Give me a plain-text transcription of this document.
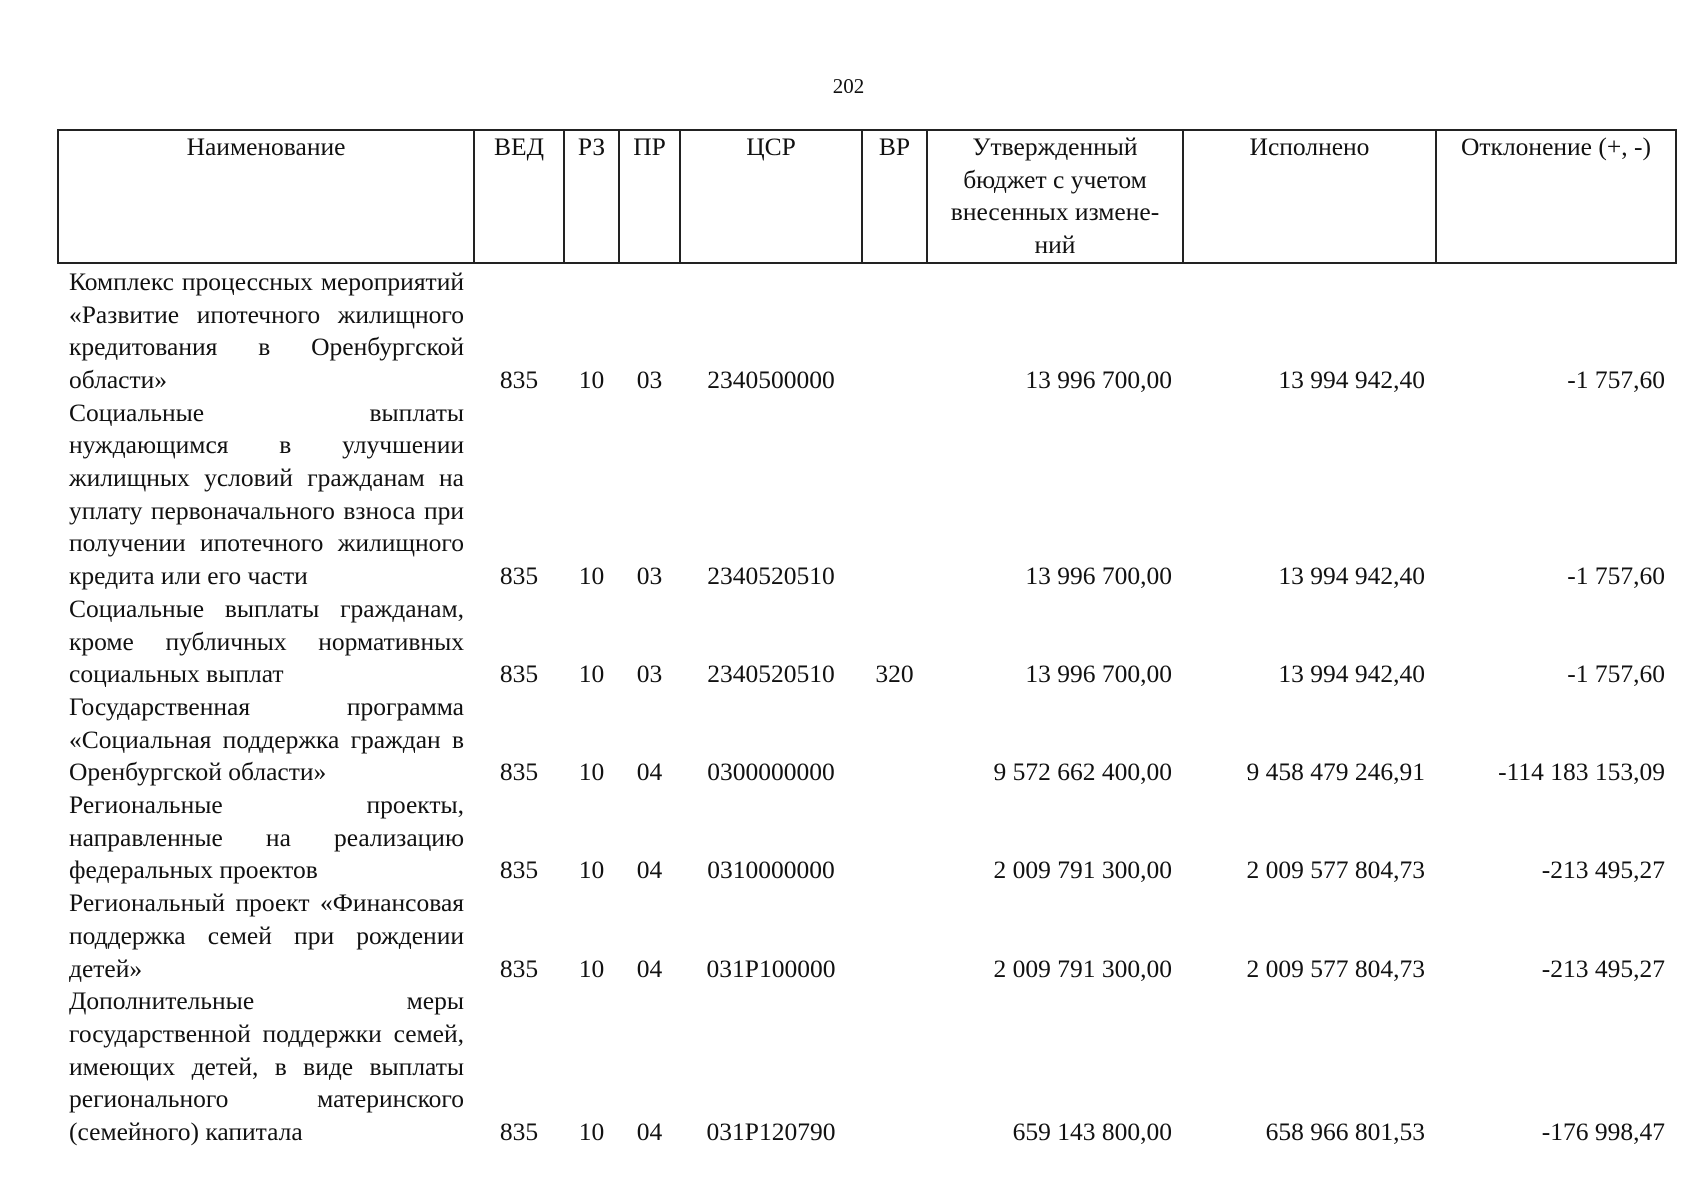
202
Наименование	ВЕД	РЗ	ПР	ЦСР	ВР	Утвержденный бюджет с учетом внесенных измене-ний	Исполнено	Отклонение (+, -)
Комплекс процессных мероприятий «Развитие ипотечного жилищного кредитования в Оренбургской области»	835	10	03	2340500000		13 996 700,00	13 994 942,40	-1 757,60
Социальные выплаты нуждающимся в улучшении жилищных условий гражданам на уплату первоначального взноса при получении ипотечного жилищного кредита или его части	835	10	03	2340520510		13 996 700,00	13 994 942,40	-1 757,60
Социальные выплаты гражданам, кроме публичных нормативных социальных выплат	835	10	03	2340520510	320	13 996 700,00	13 994 942,40	-1 757,60
Государственная программа «Социальная поддержка граждан в Оренбургской области»	835	10	04	0300000000		9 572 662 400,00	9 458 479 246,91	-114 183 153,09
Региональные проекты, направленные на реализацию федеральных проектов	835	10	04	0310000000		2 009 791 300,00	2 009 577 804,73	-213 495,27
Региональный проект «Финансовая поддержка семей при рождении детей»	835	10	04	031Р100000		2 009 791 300,00	2 009 577 804,73	-213 495,27
Дополнительные меры государственной поддержки семей, имеющих детей, в виде выплаты регионального материнского (семейного) капитала	835	10	04	031Р120790		659 143 800,00	658 966 801,53	-176 998,47
